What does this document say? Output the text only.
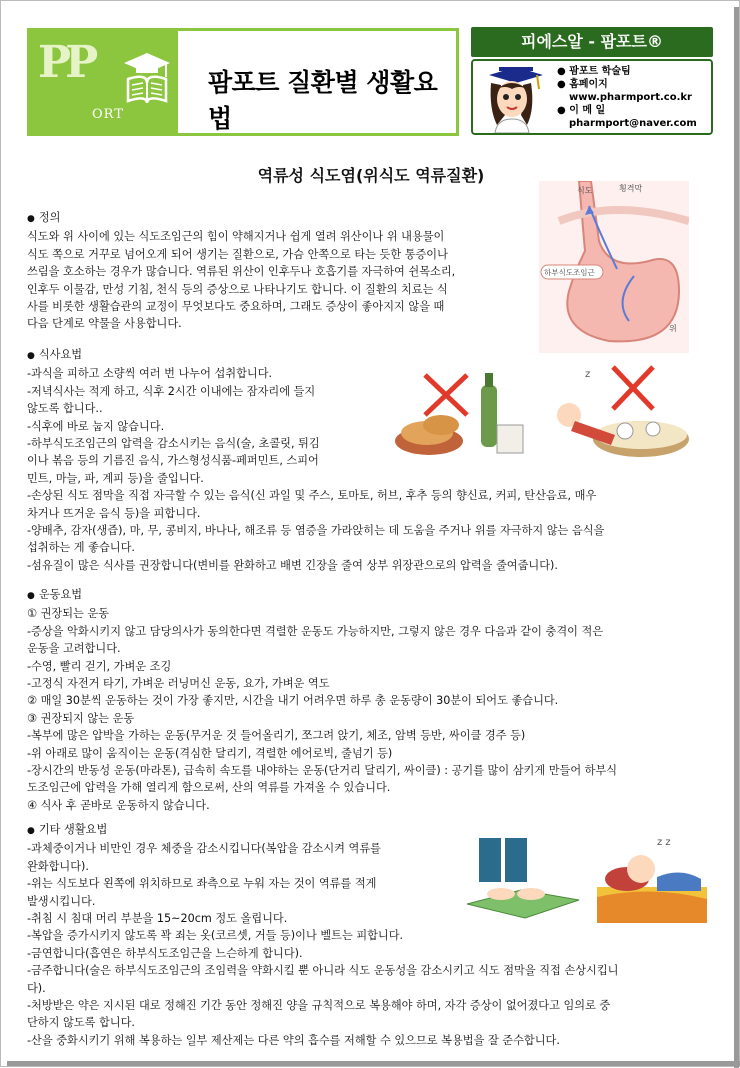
PP
ORT
팜포트 질환별 생활요법
피에스알 - 팜포트®
● 팜포트 학술팀
● 홈페이지
www.pharmport.co.kr
● 이 메 일
pharmport@naver.com
역류성 식도염(위식도 역류질환)
식도	횡격막
하부식도조임근
위
z
z z
● 정의
식도와 위 사이에 있는 식도조임근의 힘이 약해지거나 쉽게 열려 위산이나 위 내용물이
식도 쪽으로 거꾸로 넘어오게 되어 생기는 질환으로, 가슴 안쪽으로 타는 듯한 통증이나
쓰림을 호소하는 경우가 많습니다. 역류된 위산이 인후두나 호흡기를 자극하여 쉰목소리,
인후두 이물감, 만성 기침, 천식 등의 증상으로 나타나기도 합니다. 이 질환의 치료는 식
사를 비롯한 생활습관의 교정이 무엇보다도 중요하며, 그래도 증상이 좋아지지 않을 때
다음 단계로 약물을 사용합니다.
● 식사요법
-과식을 피하고 소량씩 여러 번 나누어 섭취합니다.
-저녁식사는 적게 하고, 식후 2시간 이내에는 잠자리에 들지
않도록 합니다..
-식후에 바로 눕지 않습니다.
-하부식도조임근의 압력을 감소시키는 음식(술, 초콜릿, 튀김
이나 볶음 등의 기름진 음식, 가스형성식품-페퍼민트, 스피어
민트, 마늘, 파, 계피 등)을 줄입니다.
-손상된 식도 점막을 직접 자극할 수 있는 음식(신 과일 및 주스, 토마토, 허브, 후추 등의 향신료, 커피, 탄산음료, 매우
차거나 뜨거운 음식 등)을 피합니다.
-양배추, 감자(생즙), 마, 무, 콩비지, 바나나, 해조류 등 염증을 가라앉히는 데 도움을 주거나 위를 자극하지 않는 음식을
섭취하는 게 좋습니다.
-섬유질이 많은 식사를 권장합니다(변비를 완화하고 배변 긴장을 줄여 상부 위장관으로의 압력을 줄여줍니다).
● 운동요법
① 권장되는 운동
-증상을 악화시키지 않고 담당의사가 동의한다면 격렬한 운동도 가능하지만, 그렇지 않은 경우 다음과 같이 충격이 적은
운동을 고려합니다.
-수영, 빨리 걷기, 가벼운 조깅
-고정식 자전거 타기, 가벼운 러닝머신 운동, 요가, 가벼운 역도
② 매일 30분씩 운동하는 것이 가장 좋지만, 시간을 내기 어려우면 하루 총 운동량이 30분이 되어도 좋습니다.
③ 권장되지 않는 운동
-복부에 많은 압박을 가하는 운동(무거운 것 들어올리기, 쪼그려 앉기, 체조, 암벽 등반, 싸이클 경주 등)
-위 아래로 많이 움직이는 운동(격심한 달리기, 격렬한 에어로빅, 줄넘기 등)
-장시간의 반동성 운동(마라톤), 급속히 속도를 내야하는 운동(단거리 달리기, 싸이클) : 공기를 많이 삼키게 만들어 하부식
도조임근에 압력을 가해 열리게 함으로써, 산의 역류를 가져올 수 있습니다.
④ 식사 후 곧바로 운동하지 않습니다.
● 기타 생활요법
-과체중이거나 비만인 경우 체중을 감소시킵니다(복압을 감소시켜 역류를
완화합니다).
-위는 식도보다 왼쪽에 위치하므로 좌측으로 누워 자는 것이 역류를 적게
발생시킵니다.
-취침 시 침대 머리 부분을 15~20cm 정도 올립니다.
-복압을 증가시키지 않도록 꽉 죄는 옷(코르셋, 거들 등)이나 벨트는 피합니다.
-금연합니다(흡연은 하부식도조임근을 느슨하게 합니다).
-금주합니다(술은 하부식도조임근의 조임력을 약화시킬 뿐 아니라 식도 운동성을 감소시키고 식도 점막을 직접 손상시킵니
다).
-처방받은 약은 지시된 대로 정해진 기간 동안 정해진 양을 규칙적으로 복용해야 하며, 자각 증상이 없어졌다고 임의로 중
단하지 않도록 합니다.
-산을 중화시키기 위해 복용하는 일부 제산제는 다른 약의 흡수를 저해할 수 있으므로 복용법을 잘 준수합니다.
